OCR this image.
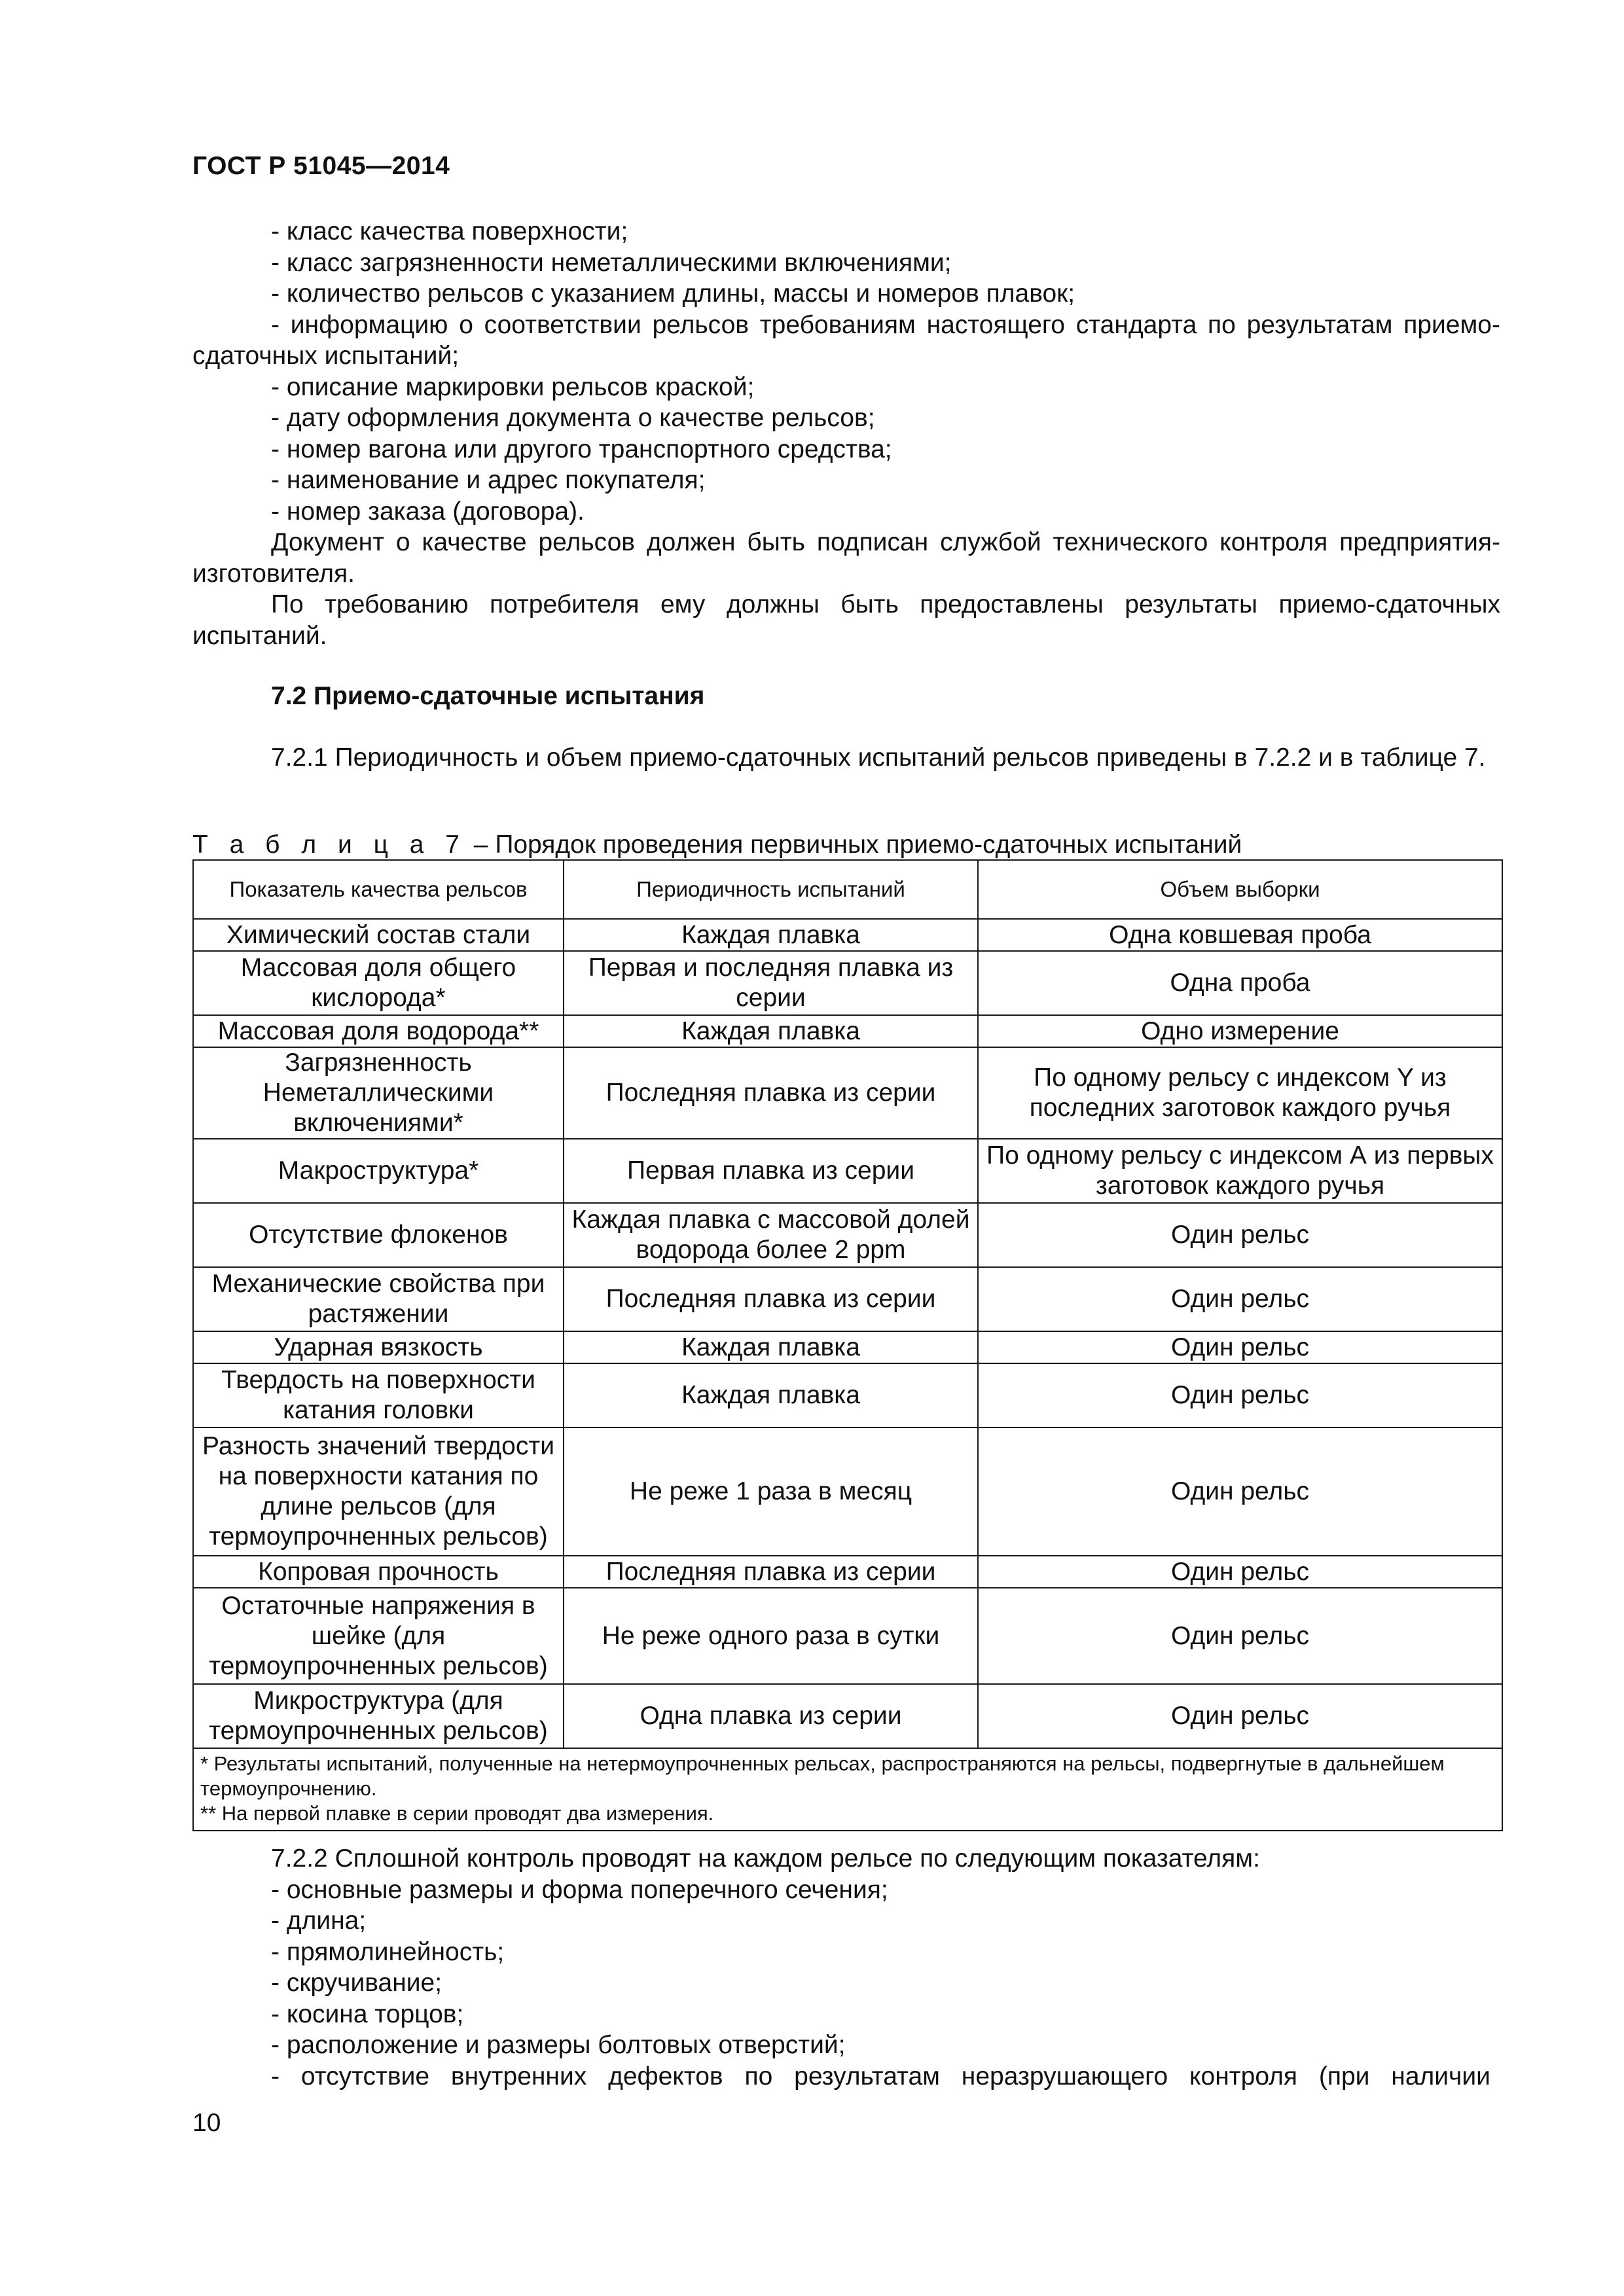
ГОСТ Р 51045—2014

- класс качества поверхности;

- класс загрязненности неметаллическими включениями;

- количество рельсов с указанием длины, массы и номеров плавок;

- информацию о соответствии рельсов требованиям настоящего стандарта по результатам приемо-сдаточных испытаний;

- описание маркировки рельсов краской;

- дату оформления документа о качестве рельсов;

- номер вагона или другого транспортного средства;

- наименование и адрес покупателя;

- номер заказа (договора).

Документ о качестве рельсов должен быть подписан службой технического контроля предприятия-изготовителя.

По требованию потребителя ему должны быть предоставлены результаты приемо-сдаточных испытаний.

7.2 Приемо-сдаточные испытания

7.2.1 Периодичность и объем приемо-сдаточных испытаний рельсов приведены в 7.2.2 и в таблице 7.

Т а б л и ц а 7 – Порядок проведения первичных приемо-сдаточных испытаний
Показатель качества рельсов	Периодичность испытаний	Объем выборки
Химический состав стали	Каждая плавка	Одна ковшевая проба
Массовая доля общего кислорода*	Первая и последняя плавка из серии	Одна проба
Массовая доля водорода**	Каждая плавка	Одно измерение
Загрязненность Неметаллическими включениями*	Последняя плавка из серии	По одному рельсу с индексом Y из последних заготовок каждого ручья
Макроструктура*	Первая плавка из серии	По одному рельсу с индексом А из первых заготовок каждого ручья
Отсутствие флокенов	Каждая плавка с массовой долей водорода более 2 ppm	Один рельс
Механические свойства при растяжении	Последняя плавка из серии	Один рельс
Ударная вязкость	Каждая плавка	Один рельс
Твердость на поверхности катания головки	Каждая плавка	Один рельс
Разность значений твердости на поверхности катания по длине рельсов (для термоупрочненных рельсов)	Не реже 1 раза в месяц	Один рельс
Копровая прочность	Последняя плавка из серии	Один рельс
Остаточные напряжения в шейке (для термоупрочненных рельсов)	Не реже одного раза в сутки	Один рельс
Микроструктура (для термоупрочненных рельсов)	Одна плавка из серии	Один рельс

* Результаты испытаний, полученные на нетермоупрочненных рельсах, распространяются на рельсы, подвергнутые в дальнейшем термоупрочнению.
** На первой плавке в серии проводят два измерения.		

7.2.2 Сплошной контроль проводят на каждом рельсе по следующим показателям:

- основные размеры и форма поперечного сечения;

- длина;

- прямолинейность;

- скручивание;

- косина торцов;

- расположение и размеры болтовых отверстий;

- отсутствие внутренних дефектов по результатам неразрушающего контроля (при наличии

10
